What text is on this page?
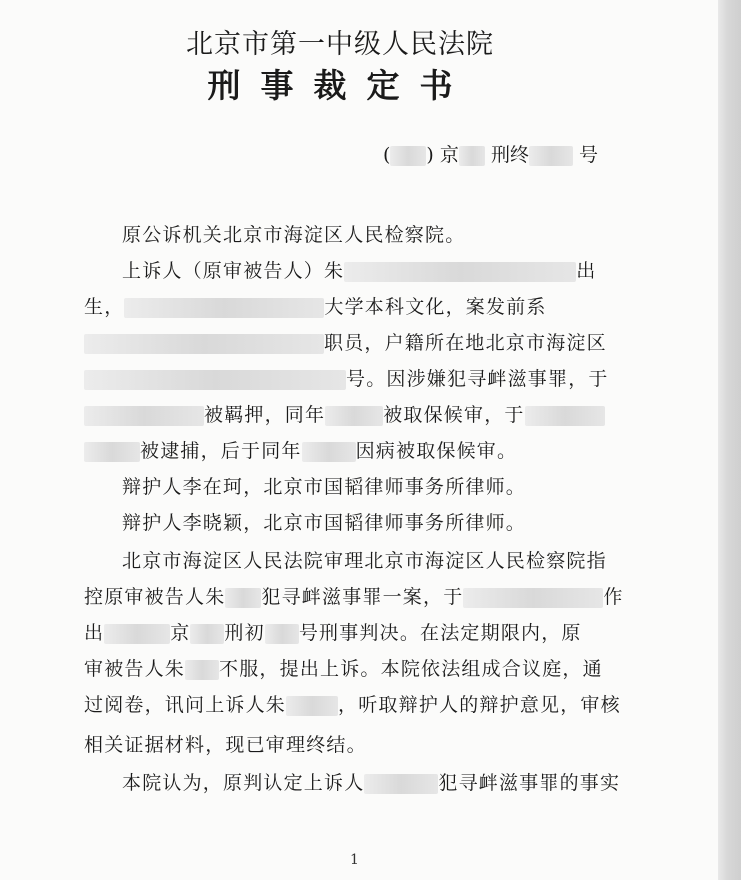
北京市第一中级人民法院
刑事裁定书
( ) 京 刑终	号
原公诉机关北京市海淀区人民检察院。
上诉人（原审被告人）朱	出
生，	大学本科文化，案发前系
职员，户籍所在地北京市海淀区
号。因涉嫌犯寻衅滋事罪，于
被羁押，同年	被取保候审，于
被逮捕，后于同年	因病被取保候审。
辩护人李在珂，北京市国韬律师事务所律师。
辩护人李晓颖，北京市国韬律师事务所律师。
北京市海淀区人民法院审理北京市海淀区人民检察院指
控原审被告人朱 犯寻衅滋事罪一案，于	作
出	京 刑初 号刑事判决。在法定期限内，原
审被告人朱 不服，提出上诉。本院依法组成合议庭，通
过阅卷，讯问上诉人朱	，听取辩护人的辩护意见，审核
相关证据材料，现已审理终结。
本院认为，原判认定上诉人	犯寻衅滋事罪的事实
1
